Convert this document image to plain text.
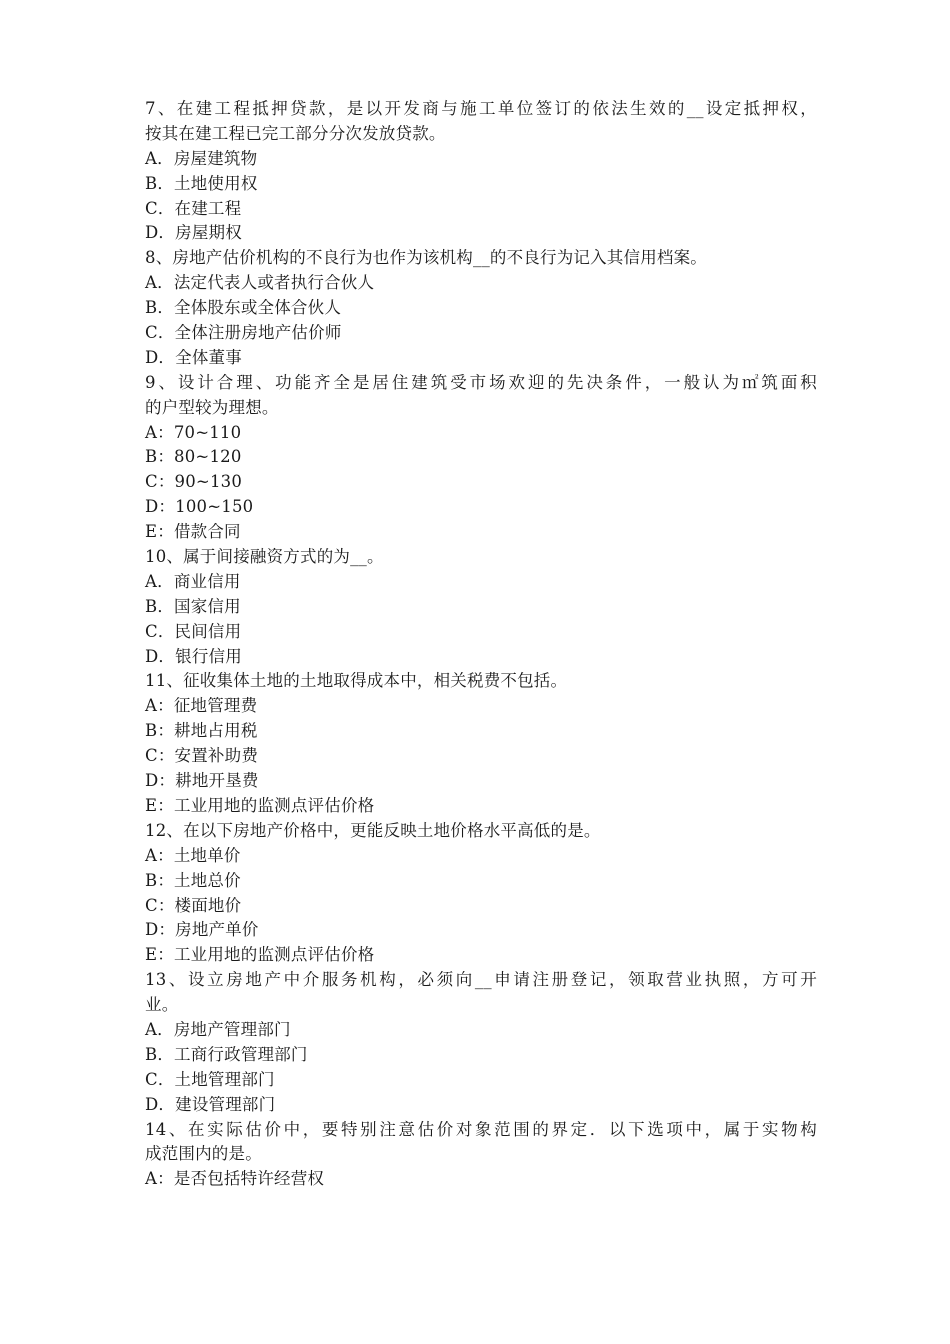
7、在建工程抵押贷款，是以开发商与施工单位签订的依法生效的__设定抵押权，
按其在建工程已完工部分分次发放贷款。
A．房屋建筑物
B．土地使用权
C．在建工程
D．房屋期权
8、房地产估价机构的不良行为也作为该机构__的不良行为记入其信用档案。
A．法定代表人或者执行合伙人
B．全体股东或全体合伙人
C．全体注册房地产估价师
D．全体董事
9、设计合理、功能齐全是居住建筑受市场欢迎的先决条件，一般认为㎡筑面积
的户型较为理想。
A：70~110
B：80~120
C：90~130
D：100~150
E：借款合同
10、属于间接融资方式的为__。
A．商业信用
B．国家信用
C．民间信用
D．银行信用
11、征收集体土地的土地取得成本中，相关税费不包括。
A：征地管理费
B：耕地占用税
C：安置补助费
D：耕地开垦费
E：工业用地的监测点评估价格
12、在以下房地产价格中，更能反映土地价格水平高低的是。
A：土地单价
B：土地总价
C：楼面地价
D：房地产单价
E：工业用地的监测点评估价格
13、设立房地产中介服务机构，必须向__申请注册登记，领取营业执照，方可开
业。
A．房地产管理部门
B．工商行政管理部门
C．土地管理部门
D．建设管理部门
14、在实际估价中，要特别注意估价对象范围的界定．以下选项中，属于实物构
成范围内的是。
A：是否包括特许经营权
